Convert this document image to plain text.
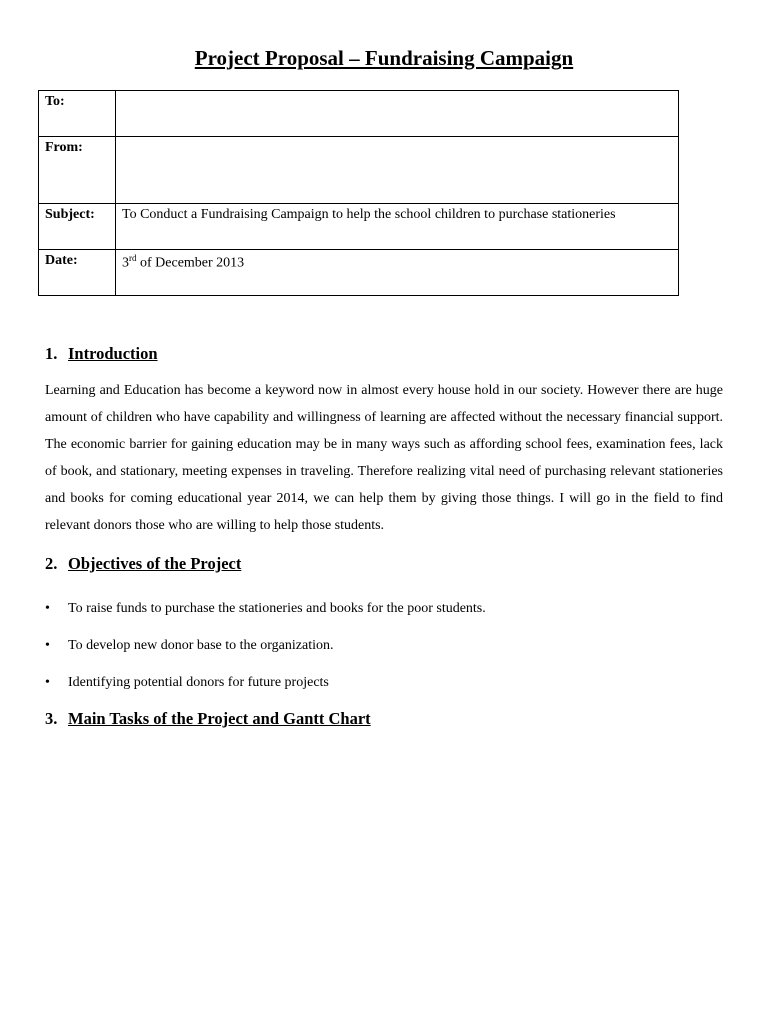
Project Proposal – Fundraising Campaign
To:	
From:	
Subject:	To Conduct a Fundraising Campaign to help the school children to purchase stationeries
Date:	3rd of December 2013
1. Introduction

Learning and Education has become a keyword now in almost every house hold in our society. However there are huge amount of children who have capability and willingness of learning are affected without the necessary financial support. The economic barrier for gaining education may be in many ways such as affording school fees, examination fees, lack of book, and stationary, meeting expenses in traveling. Therefore realizing vital need of purchasing relevant stationeries and books for coming educational year 2014, we can help them by giving those things. I will go in the field to find relevant donors those who are willing to help those students.

2. Objectives of the Project
• To raise funds to purchase the stationeries and books for the poor students.
• To develop new donor base to the organization.
• Identifying potential donors for future projects
3. Main Tasks of the Project and Gantt Chart
